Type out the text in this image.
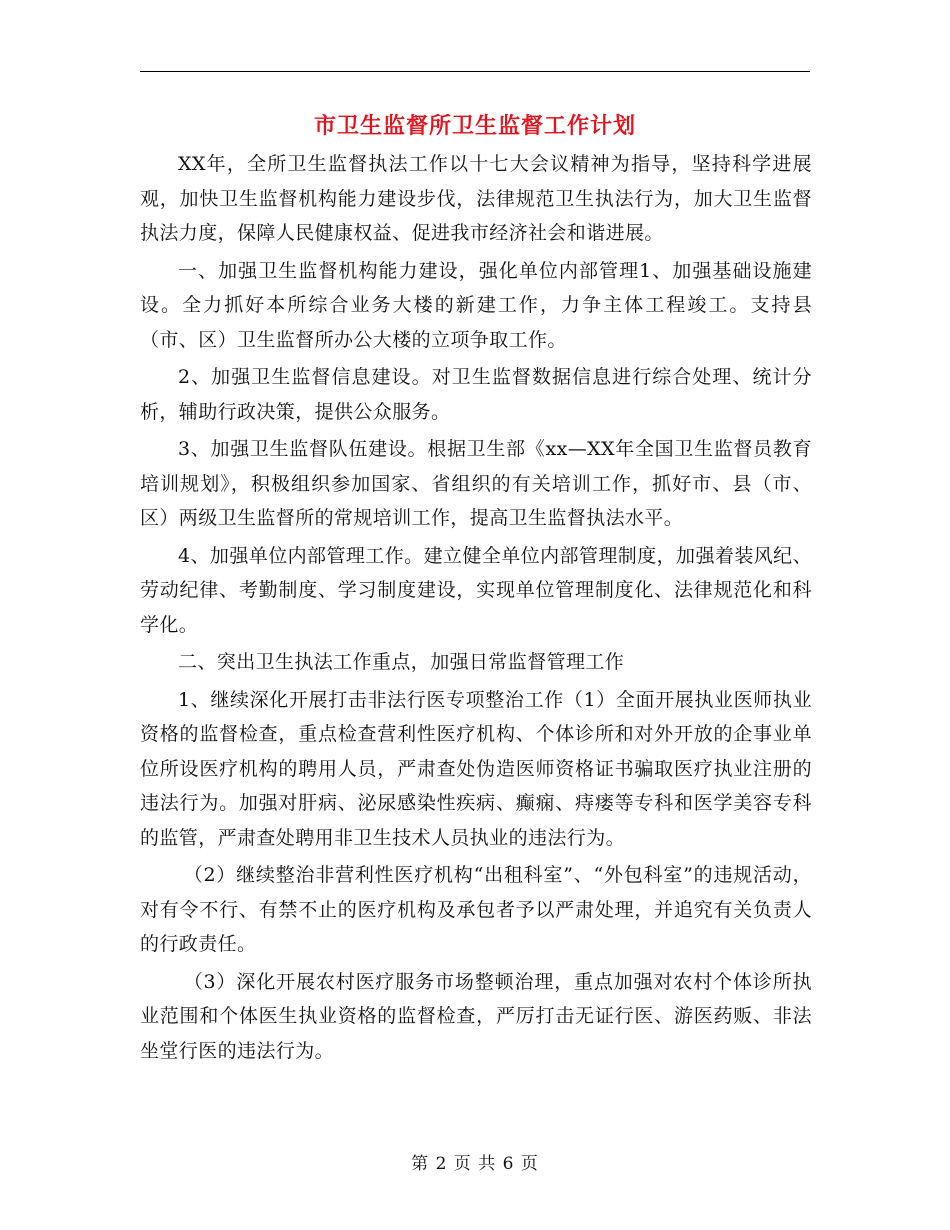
市卫生监督所卫生监督工作计划

XX年，全所卫生监督执法工作以十七大会议精神为指导，坚持科学进展观，加快卫生监督机构能力建设步伐，法律规范卫生执法行为，加大卫生监督执法力度，保障人民健康权益、促进我市经济社会和谐进展。

一、加强卫生监督机构能力建设，强化单位内部管理1、加强基础设施建设。全力抓好本所综合业务大楼的新建工作，力争主体工程竣工。支持县（市、区）卫生监督所办公大楼的立项争取工作。

2、加强卫生监督信息建设。对卫生监督数据信息进行综合处理、统计分析，辅助行政决策，提供公众服务。

3、加强卫生监督队伍建设。根据卫生部《xx—XX年全国卫生监督员教育培训规划》，积极组织参加国家、省组织的有关培训工作，抓好市、县（市、区）两级卫生监督所的常规培训工作，提高卫生监督执法水平。

4、加强单位内部管理工作。建立健全单位内部管理制度，加强着装风纪、劳动纪律、考勤制度、学习制度建设，实现单位管理制度化、法律规范化和科学化。

二、突出卫生执法工作重点，加强日常监督管理工作

1、继续深化开展打击非法行医专项整治工作（1）全面开展执业医师执业资格的监督检查，重点检查营利性医疗机构、个体诊所和对外开放的企事业单位所设医疗机构的聘用人员，严肃查处伪造医师资格证书骗取医疗执业注册的违法行为。加强对肝病、泌尿感染性疾病、癫痫、痔瘘等专科和医学美容专科的监管，严肃查处聘用非卫生技术人员执业的违法行为。

（2）继续整治非营利性医疗机构“出租科室”、“外包科室”的违规活动，对有令不行、有禁不止的医疗机构及承包者予以严肃处理，并追究有关负责人的行政责任。

（3）深化开展农村医疗服务市场整顿治理，重点加强对农村个体诊所执业范围和个体医生执业资格的监督检查，严厉打击无证行医、游医药贩、非法坐堂行医的违法行为。

第 2 页 共 6 页
